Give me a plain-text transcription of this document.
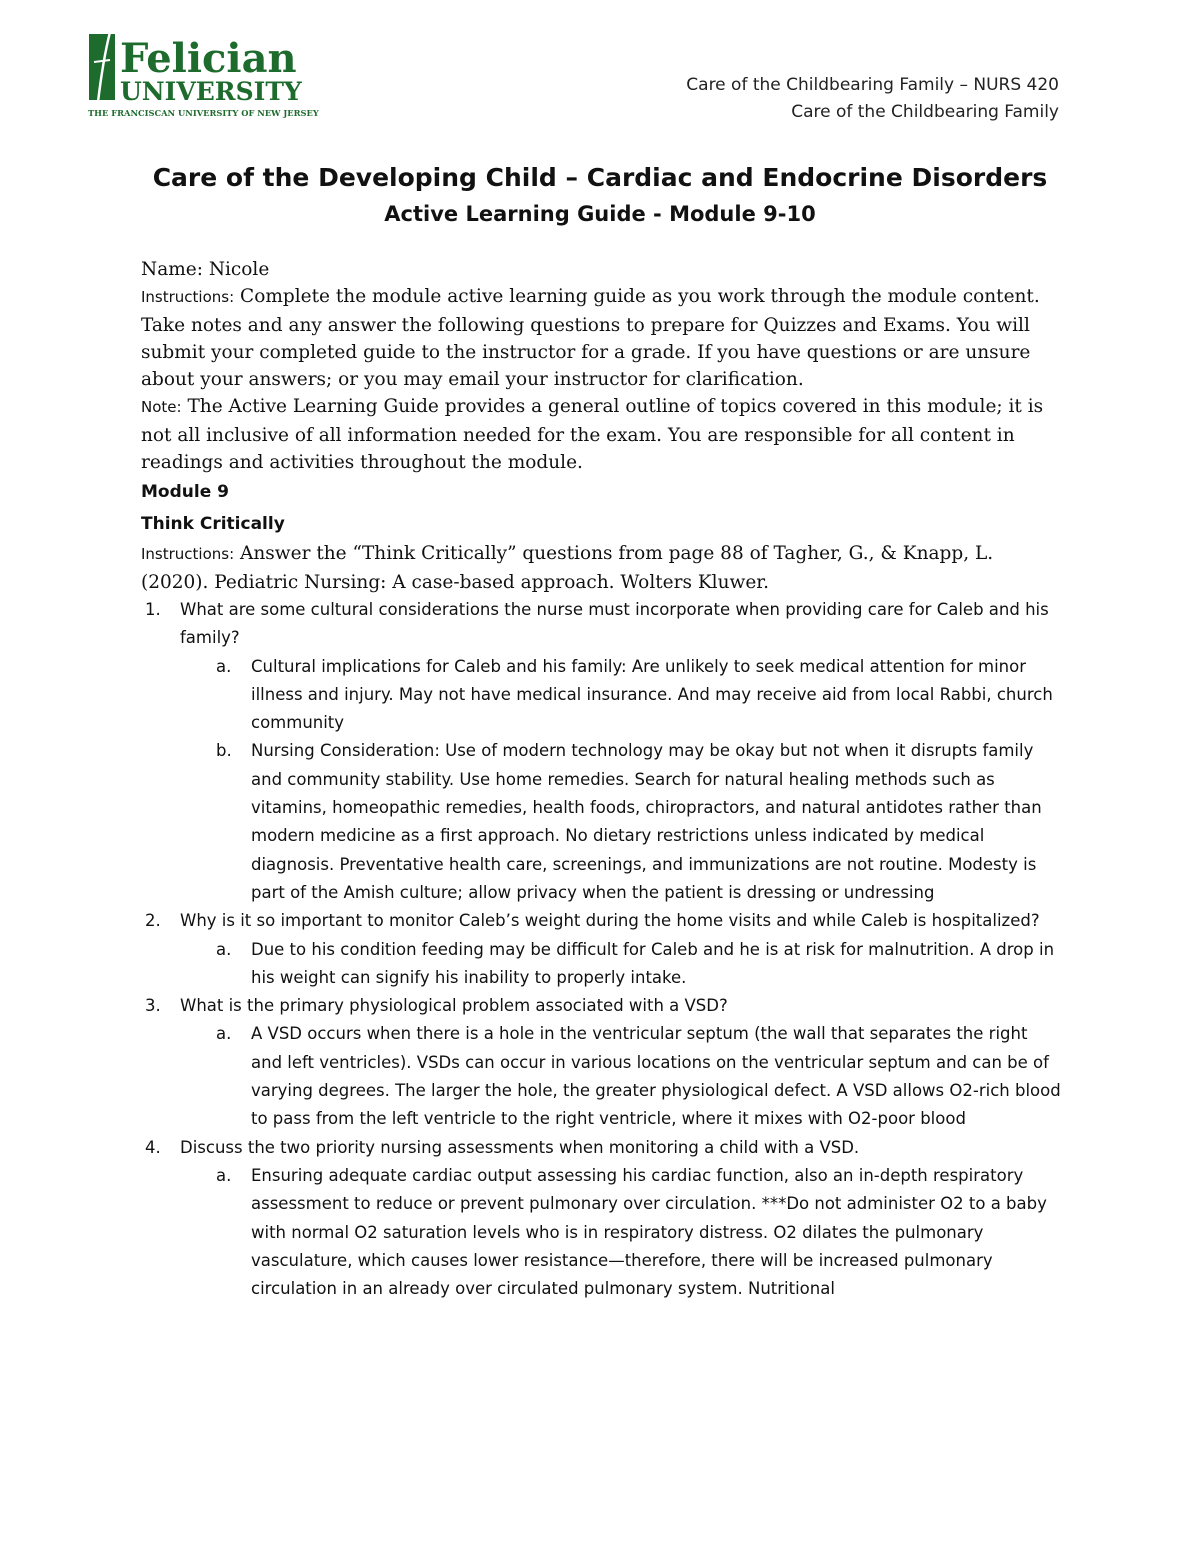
Felician
UNIVERSITY
THE FRANCISCAN UNIVERSITY OF NEW JERSEY
Care of the Childbearing Family – NURS 420
Care of the Childbearing Family
Care of the Developing Child – Cardiac and Endocrine Disorders
Active Learning Guide - Module 9-10

Name: Nicole

Instructions: Complete the module active learning guide as you work through the module content. Take notes and any answer the following questions to prepare for Quizzes and Exams. You will submit your completed guide to the instructor for a grade. If you have questions or are unsure about your answers; or you may email your instructor for clarification.

Note: The Active Learning Guide provides a general outline of topics covered in this module; it is not all inclusive of all information needed for the exam. You are responsible for all content in readings and activities throughout the module.

Module 9
Think Critically

Instructions: Answer the “Think Critically” questions from page 88 of Tagher, G., & Knapp, L. (2020). Pediatric Nursing: A case-based approach. Wolters Kluwer.

1. What are some cultural considerations the nurse must incorporate when providing care for Caleb and his family?
a. Cultural implications for Caleb and his family: Are unlikely to seek medical attention for minor illness and injury. May not have medical insurance. And may receive aid from local Rabbi, church community
b. Nursing Consideration: Use of modern technology may be okay but not when it disrupts family and community stability. Use home remedies. Search for natural healing methods such as vitamins, homeopathic remedies, health foods, chiropractors, and natural antidotes rather than modern medicine as a first approach. No dietary restrictions unless indicated by medical diagnosis. Preventative health care, screenings, and immunizations are not routine. Modesty is part of the Amish culture; allow privacy when the patient is dressing or undressing
2. Why is it so important to monitor Caleb’s weight during the home visits and while Caleb is hospitalized?
a. Due to his condition feeding may be difficult for Caleb and he is at risk for malnutrition. A drop in his weight can signify his inability to properly intake.
3. What is the primary physiological problem associated with a VSD?
a. A VSD occurs when there is a hole in the ventricular septum (the wall that separates the right and left ventricles). VSDs can occur in various locations on the ventricular septum and can be of varying degrees. The larger the hole, the greater physiological defect. A VSD allows O2-rich blood to pass from the left ventricle to the right ventricle, where it mixes with O2-poor blood
4. Discuss the two priority nursing assessments when monitoring a child with a VSD.
a. Ensuring adequate cardiac output assessing his cardiac function, also an in-depth respiratory assessment to reduce or prevent pulmonary over circulation. ***Do not administer O2 to a baby with normal O2 saturation levels who is in respiratory distress. O2 dilates the pulmonary vasculature, which causes lower resistance—therefore, there will be increased pulmonary circulation in an already over circulated pulmonary system. Nutritional
